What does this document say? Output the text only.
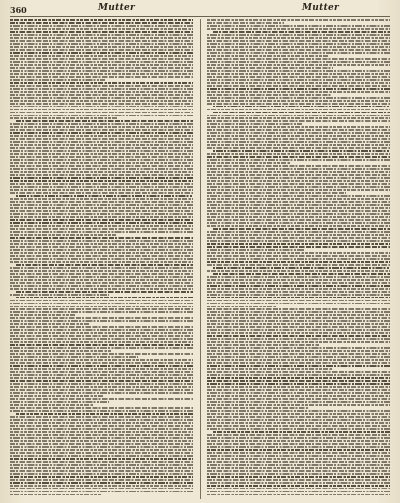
360	Mutter	Mutter
